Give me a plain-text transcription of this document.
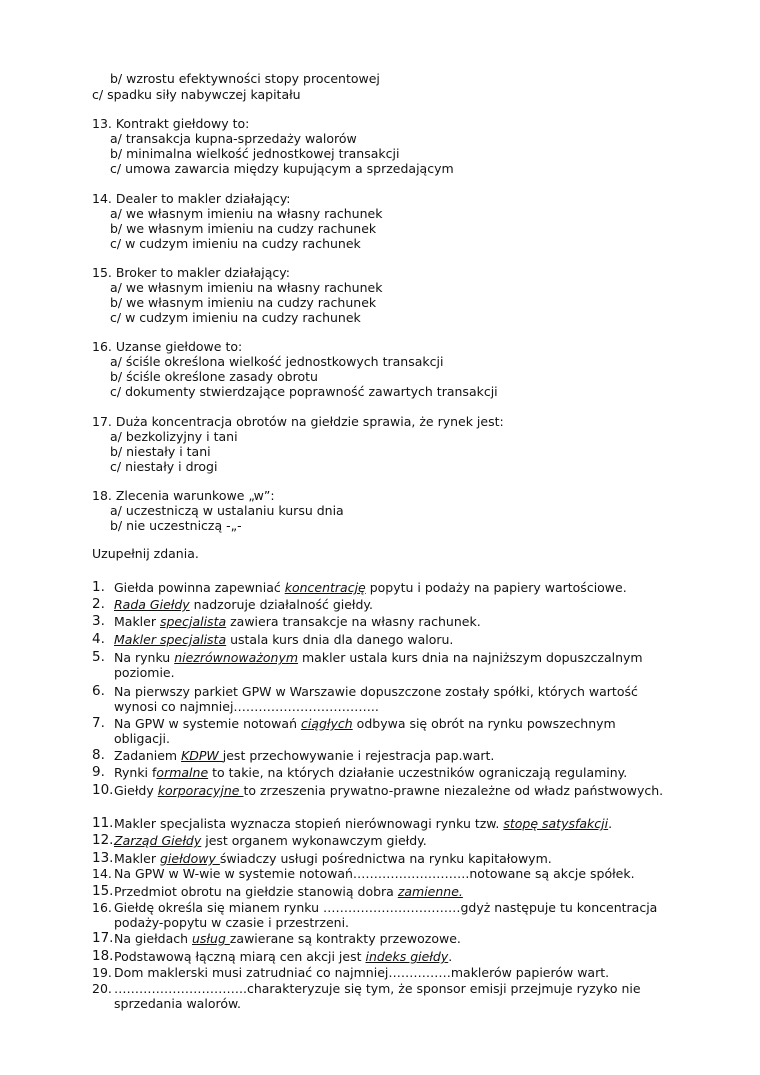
b/ wzrostu efektywności stopy procentowej
c/ spadku siły nabywczej kapitału
13. Kontrakt giełdowy to:
a/ transakcja kupna-sprzedaży walorów
b/ minimalna wielkość jednostkowej transakcji
c/ umowa zawarcia między kupującym a sprzedającym
14. Dealer to makler działający:
a/ we własnym imieniu na własny rachunek
b/ we własnym imieniu na cudzy rachunek
c/ w cudzym imieniu na cudzy rachunek
15. Broker to makler działający:
a/ we własnym imieniu na własny rachunek
b/ we własnym imieniu na cudzy rachunek
c/ w cudzym imieniu na cudzy rachunek
16. Uzanse giełdowe to:
a/ ściśle określona wielkość jednostkowych transakcji
b/ ściśle określone zasady obrotu
c/ dokumenty stwierdzające poprawność zawartych transakcji
17. Duża koncentracja obrotów na giełdzie sprawia, że rynek jest:
a/ bezkolizyjny i tani
b/ niestały i tani
c/ niestały i drogi
18. Zlecenia warunkowe „w”:
a/ uczestniczą w ustalaniu kursu dnia
b/ nie uczestniczą -„-
Uzupełnij zdania.
1. Giełda powinna zapewniać koncentrację popytu i podaży na papiery wartościowe.
2. Rada Giełdy nadzoruje działalność giełdy.
3. Makler specjalista zawiera transakcje na własny rachunek.
4. Makler specjalista ustala kurs dnia dla danego waloru.
5. Na rynku niezrównoważonym makler ustala kurs dnia na najniższym dopuszczalnym poziomie.
6. Na pierwszy parkiet GPW w Warszawie dopuszczone zostały spółki, których wartość wynosi co najmniej……………………………..
7. Na GPW w systemie notowań ciągłych odbywa się obrót na rynku powszechnym obligacji.
8. Zadaniem KDPW jest przechowywanie i rejestracja pap.wart.
9. Rynki formalne to takie, na których działanie uczestników ograniczają regulaminy.
10. Giełdy korporacyjne to zrzeszenia prywatno-prawne niezależne od władz państwowych.
11. Makler specjalista wyznacza stopień nierównowagi rynku tzw. stopę satysfakcji.
12. Zarząd Giełdy jest organem wykonawczym giełdy.
13. Makler giełdowy świadczy usługi pośrednictwa na rynku kapitałowym.
14. Na GPW w W-wie w systemie notowań……………………….notowane są akcje spółek.
15. Przedmiot obrotu na giełdzie stanowią dobra zamienne.
16. Giełdę określa się mianem rynku ……………………………gdyż następuje tu koncentracja podaży-popytu w czasie i przestrzeni.
17. Na giełdach usług zawierane są kontrakty przewozowe.
18. Podstawową łączną miarą cen akcji jest indeks giełdy.
19. Dom maklerski musi zatrudniać co najmniej……………maklerów papierów wart.
20. …………………………..charakteryzuje się tym, że sponsor emisji przejmuje ryzyko nie sprzedania walorów.
